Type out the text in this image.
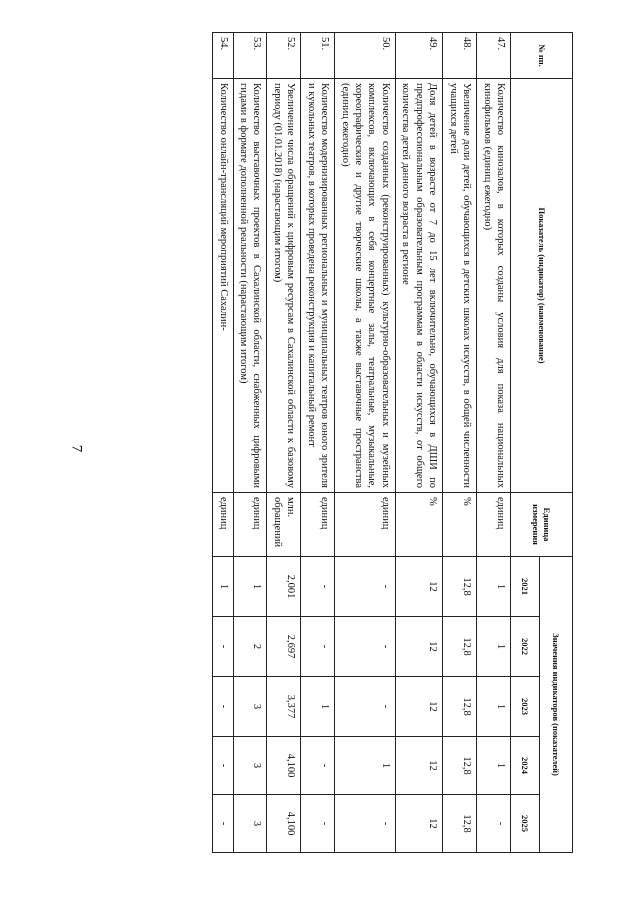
7
№ пп.	Показатель (индикатор) (наименование)	Единица измерения	Значения индикаторов (показателей)				
			2021	2022	2023	2024	2025
47.	Количество кинозалов, в которых созданы условия для показа национальных кинофильмов (единиц ежегодно)	единиц	1	1	1	1	-
48.	Увеличение доли детей, обучающихся в детских школах искусств, в общей численности учащихся детей	%	12,8	12,8	12,8	12,8	12,8
49.	Доля детей в возрасте от 7 до 15 лет включительно, обучающихся в ДШИ по предпрофессиональным образовательным программам в области искусств, от общего количества детей данного возраста в регионе	%	12	12	12	12	12
50.	Количество созданных (реконструированных) культурно-образовательных и музейных комплексов, включающих в себя концертные залы, театральные, музыкальные, хореографические и другие творческие школы, а также выставочные пространства (единиц ежегодно)	единиц	-	-	-	1	-
51.	Количество модернизированных региональных и муниципальных театров юного зрителя и кукольных театров, в которых проведена реконструкция и капитальный ремонт	единиц	-	-	1	-	-
52.	Увеличение числа обращений к цифровым ресурсам в Сахалинской области к базовому периоду (01.01.2018) (нарастающим итогом)	млн. обращений	2,001	2,697	3,377	4,100	4,100
53.	Количество выставочных проектов в Сахалинской области, снабженных цифровыми гидами в формате дополненной реальности (нарастающим итогом)	единиц	1	2	3	3	3
54.	Количество онлайн-трансляций мероприятий Сахалин-	единиц	1	-	-	-	-
